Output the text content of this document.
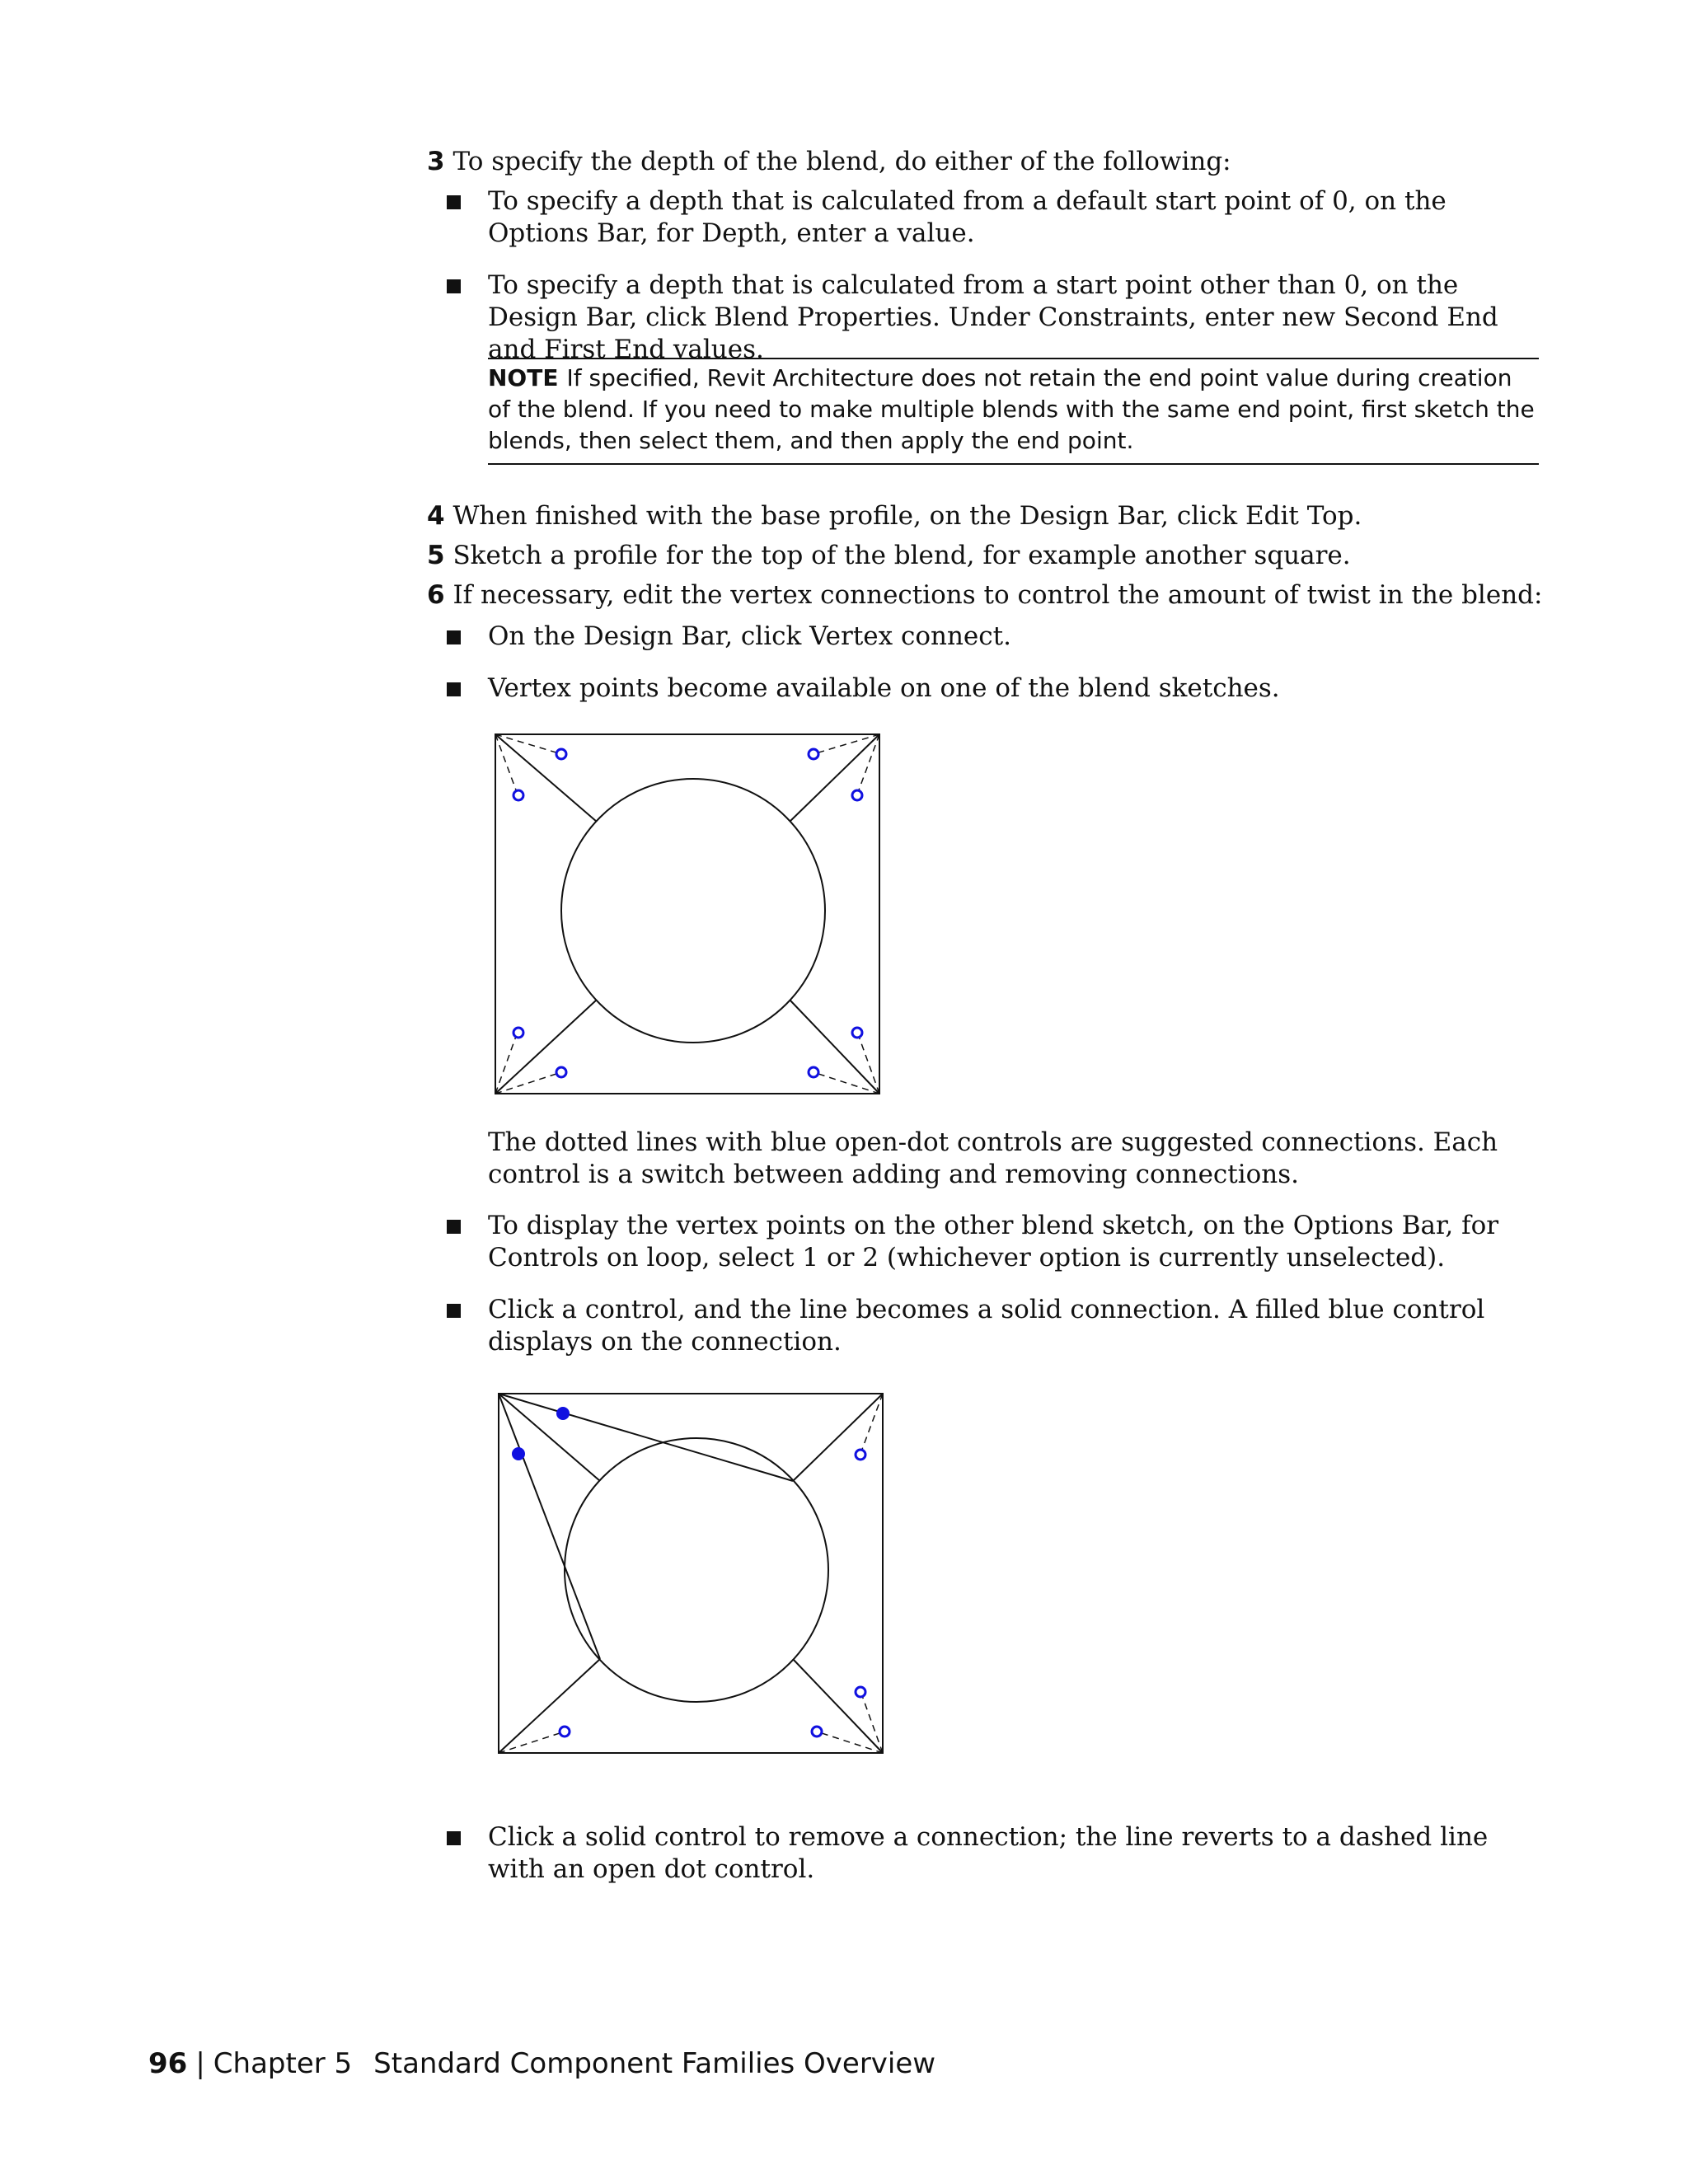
3 To specify the depth of the blend, do either of the following:
To specify a depth that is calculated from a default start point of 0, on the Options Bar, for Depth, enter a value.
To specify a depth that is calculated from a start point other than 0, on the Design Bar, click Blend Properties. Under Constraints, enter new Second End and First End values.
NOTE If specified, Revit Architecture does not retain the end point value during creation of the blend. If you need to make multiple blends with the same end point, first sketch the blends, then select them, and then apply the end point.
4 When finished with the base profile, on the Design Bar, click Edit Top.
5 Sketch a profile for the top of the blend, for example another square.
6 If necessary, edit the vertex connections to control the amount of twist in the blend:
On the Design Bar, click Vertex connect.
Vertex points become available on one of the blend sketches.
The dotted lines with blue open-dot controls are suggested connections. Each control is a switch between adding and removing connections.
To display the vertex points on the other blend sketch, on the Options Bar, for Controls on loop, select 1 or 2 (whichever option is currently unselected).
Click a control, and the line becomes a solid connection. A filled blue control displays on the connection.
Click a solid control to remove a connection; the line reverts to a dashed line with an open dot control.
96 | Chapter 5 Standard Component Families Overview
